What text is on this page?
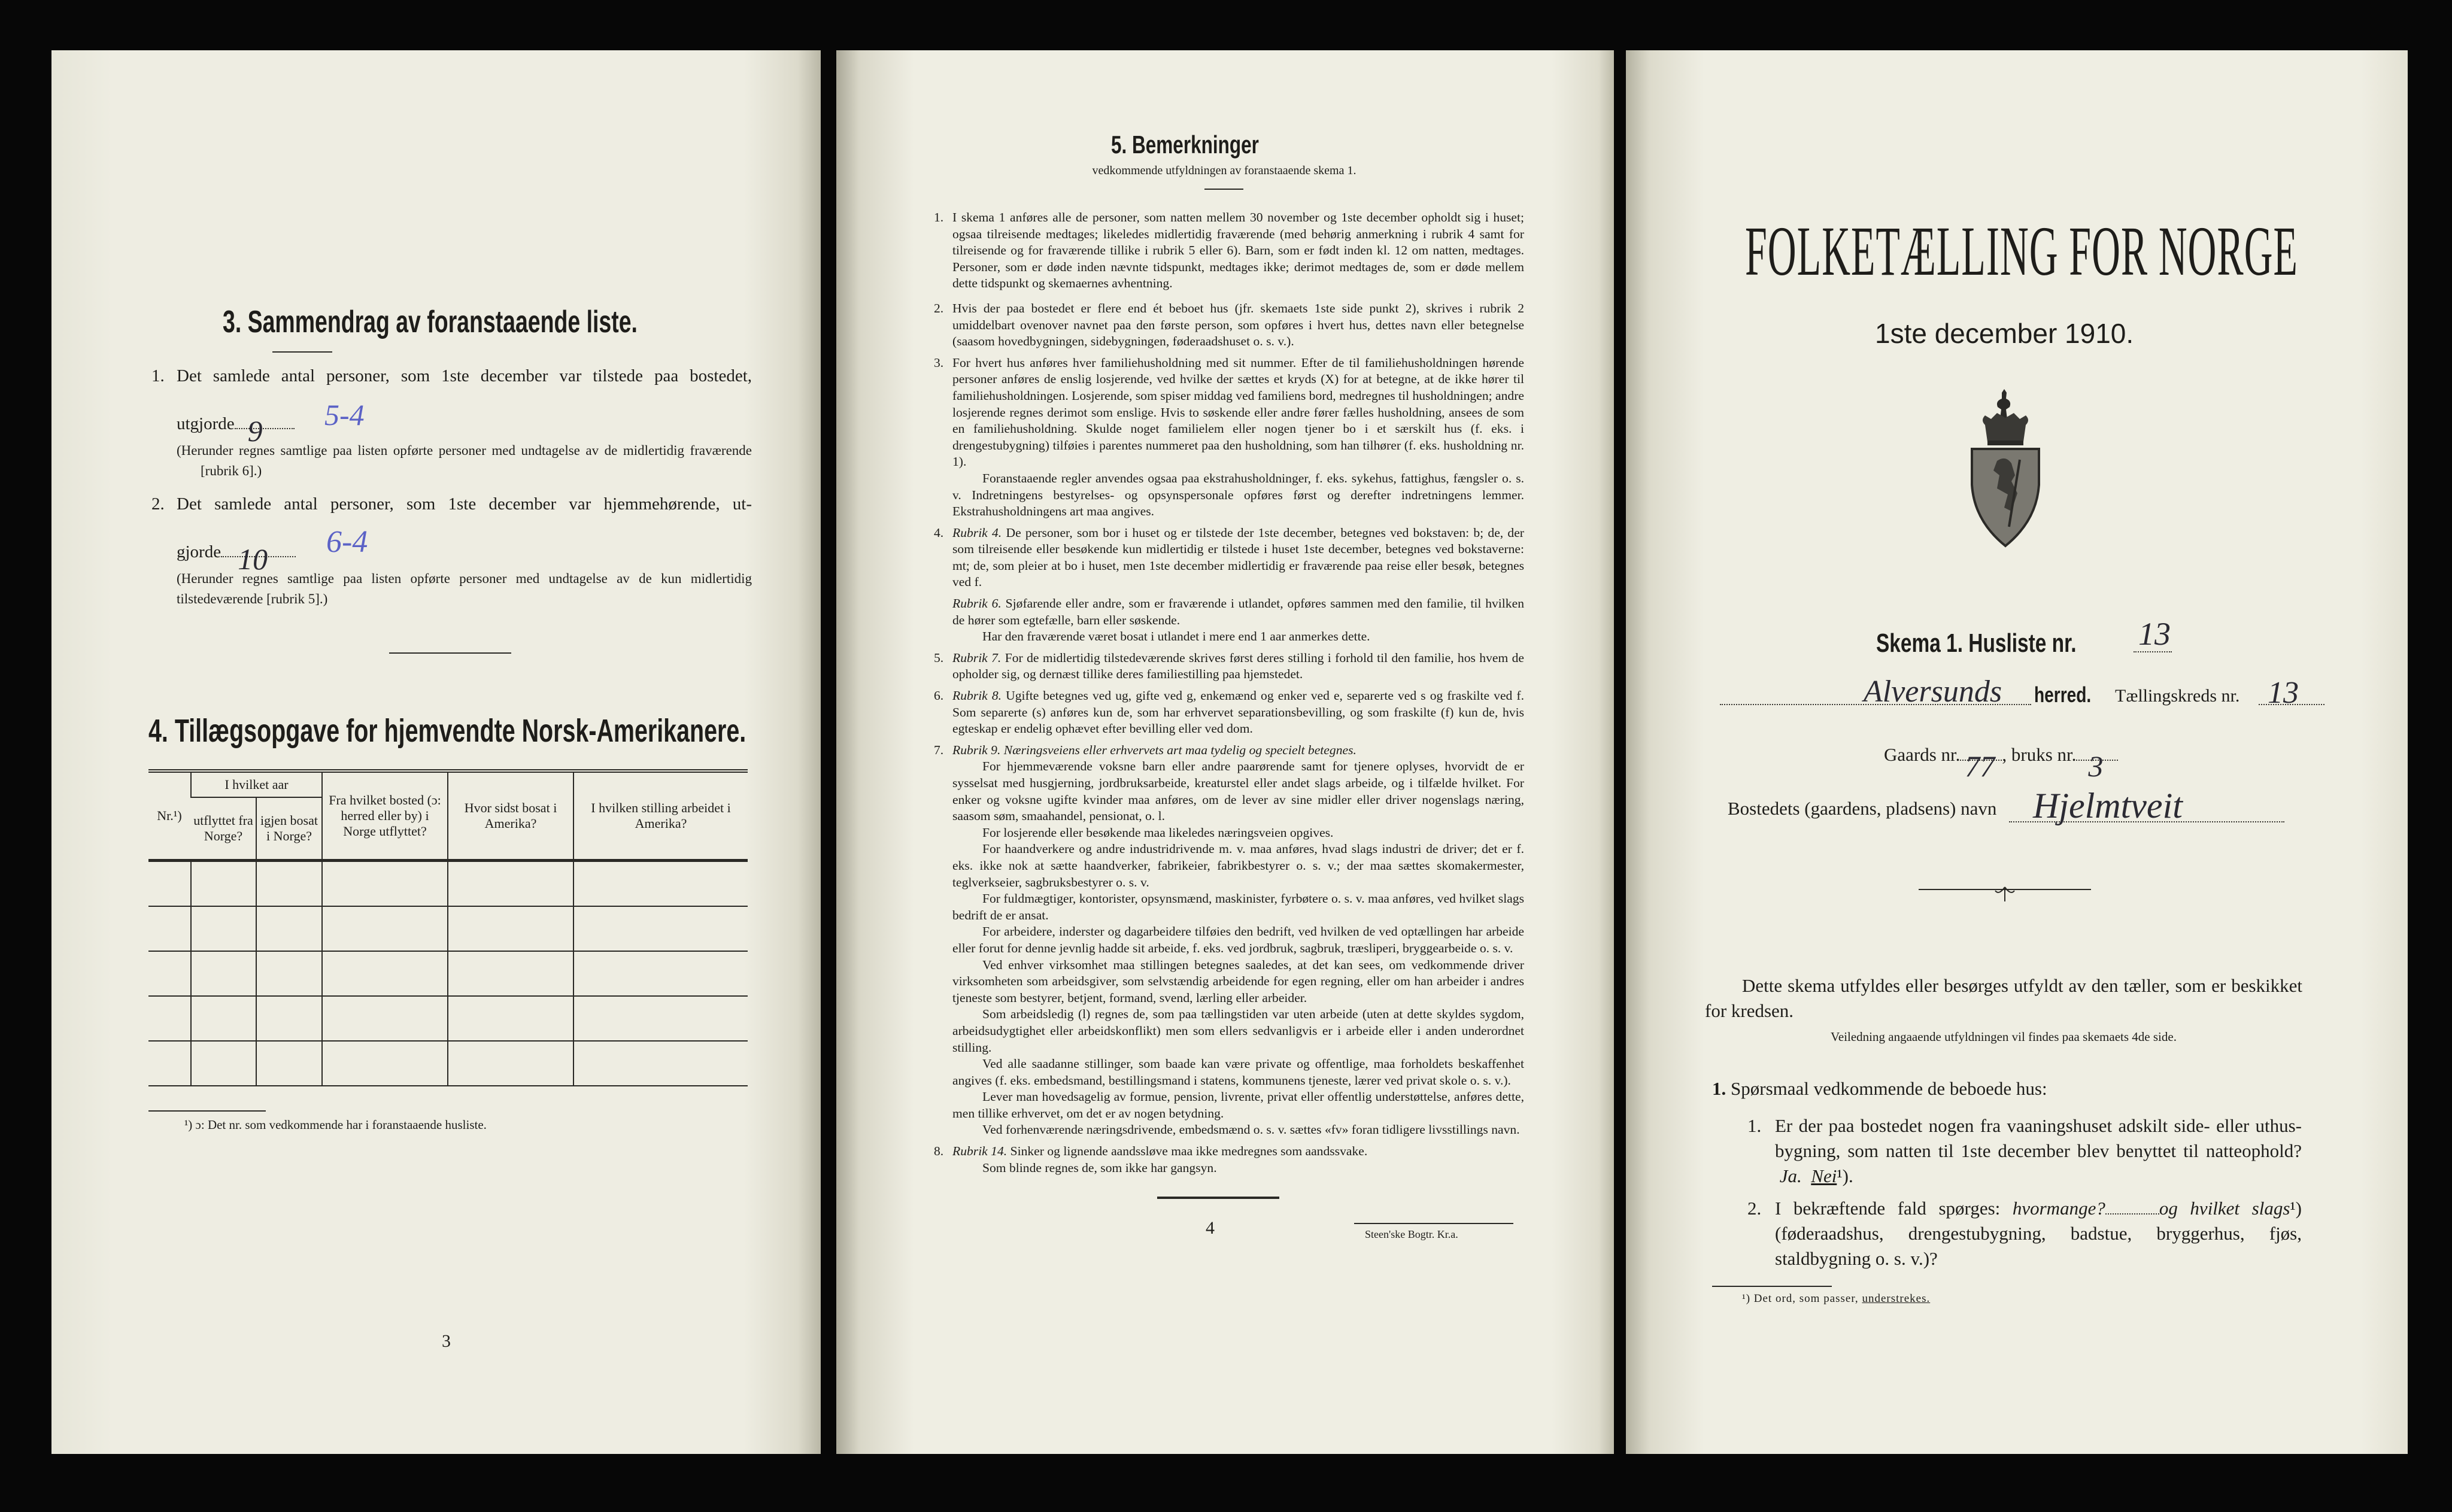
3. Sammendrag av foranstaaende liste.
1. Det samlede antal personer, som 1ste december var tilstede paa bostedet,
utgjorde 9 5-4
(Herunder regnes samtlige paa listen opførte personer med undtagelse av de midlertidig fraværende [rubrik 6].)
2. Det samlede antal personer, som 1ste december var hjemmehørende, ut-
gjorde 10 6-4
(Herunder regnes samtlige paa listen opførte personer med undtagelse av de kun midlertidig tilstedeværende [rubrik 5].)
4. Tillægsopgave for hjemvendte Norsk-Amerikanere.
Nr.¹)	I hvilket aar		Fra hvilket bosted (ɔ: herred eller by) i Norge utflyttet?	Hvor sidst bosat i Amerika?	I hvilken stilling arbeidet i Amerika?
	utflyttet fra Norge?	igjen bosat i Norge?			

¹) ɔ: Det nr. som vedkommende har i foranstaaende husliste.
3
5. Bemerkninger
vedkommende utfyldningen av foranstaaende skema 1.
1. I skema 1 anføres alle de personer, som natten mellem 30 november og 1ste december opholdt sig i huset; ogsaa tilreisende medtages; likeledes midlertidig fraværende (med behørig anmerkning i rubrik 4 samt for tilreisende og for fraværende tillike i rubrik 5 eller 6). Barn, som er født inden kl. 12 om natten, medtages. Personer, som er døde inden nævnte tidspunkt, medtages ikke; derimot medtages de, som er døde mellem dette tidspunkt og skemaernes avhentning.

2. Hvis der paa bostedet er flere end ét beboet hus (jfr. skemaets 1ste side punkt 2), skrives i rubrik 2 umiddelbart ovenover navnet paa den første person, som opføres i hvert hus, dettes navn eller betegnelse (saasom hovedbygningen, sidebygningen, føderaadshuset o. s. v.).

3. For hvert hus anføres hver familiehusholdning med sit nummer. Efter de til familiehusholdningen hørende personer anføres de enslig losjerende, ved hvilke der sættes et kryds (X) for at betegne, at de ikke hører til familiehusholdningen. Losjerende, som spiser middag ved familiens bord, medregnes til husholdningen; andre losjerende regnes derimot som enslige. Hvis to søskende eller andre fører fælles husholdning, ansees de som en familiehusholdning. Skulde noget familielem eller nogen tjener bo i et særskilt hus (f. eks. i drengestubygning) tilføies i parentes nummeret paa den husholdning, som han tilhører (f. eks. husholdning nr. 1).

Foranstaaende regler anvendes ogsaa paa ekstrahusholdninger, f. eks. sykehus, fattighus, fængsler o. s. v. Indretningens bestyrelses- og opsynspersonale opføres først og derefter indretningens lemmer. Ekstrahusholdningens art maa angives.

4. Rubrik 4. De personer, som bor i huset og er tilstede der 1ste december, betegnes ved bokstaven: b; de, der som tilreisende eller besøkende kun midlertidig er tilstede i huset 1ste december, betegnes ved bokstaverne: mt; de, som pleier at bo i huset, men 1ste december midlertidig er fraværende paa reise eller besøk, betegnes ved f.

Rubrik 6. Sjøfarende eller andre, som er fraværende i utlandet, opføres sammen med den familie, til hvilken de hører som egtefælle, barn eller søskende.

Har den fraværende været bosat i utlandet i mere end 1 aar anmerkes dette.

5. Rubrik 7. For de midlertidig tilstedeværende skrives først deres stilling i forhold til den familie, hos hvem de opholder sig, og dernæst tillike deres familiestilling paa hjemstedet.

6. Rubrik 8. Ugifte betegnes ved ug, gifte ved g, enkemænd og enker ved e, separerte ved s og fraskilte ved f. Som separerte (s) anføres kun de, som har erhvervet separationsbevilling, og som fraskilte (f) kun de, hvis egteskap er endelig ophævet efter bevilling eller ved dom.

7. Rubrik 9. Næringsveiens eller erhvervets art maa tydelig og specielt betegnes.

For hjemmeværende voksne barn eller andre paarørende samt for tjenere oplyses, hvorvidt de er sysselsat med husgjerning, jordbruksarbeide, kreaturstel eller andet slags arbeide, og i tilfælde hvilket. For enker og voksne ugifte kvinder maa anføres, om de lever av sine midler eller driver nogenslags næring, saasom søm, smaahandel, pensionat, o. l.

For losjerende eller besøkende maa likeledes næringsveien opgives.

For haandverkere og andre industridrivende m. v. maa anføres, hvad slags industri de driver; det er f. eks. ikke nok at sætte haandverker, fabrikeier, fabrikbestyrer o. s. v.; der maa sættes skomakermester, teglverkseier, sagbruksbestyrer o. s. v.

For fuldmægtiger, kontorister, opsynsmænd, maskinister, fyrbøtere o. s. v. maa anføres, ved hvilket slags bedrift de er ansat.

For arbeidere, inderster og dagarbeidere tilføies den bedrift, ved hvilken de ved optællingen har arbeide eller forut for denne jevnlig hadde sit arbeide, f. eks. ved jordbruk, sagbruk, træsliperi, bryggearbeide o. s. v.

Ved enhver virksomhet maa stillingen betegnes saaledes, at det kan sees, om vedkommende driver virksomheten som arbeidsgiver, som selvstændig arbeidende for egen regning, eller om han arbeider i andres tjeneste som bestyrer, betjent, formand, svend, lærling eller arbeider.

Som arbeidsledig (l) regnes de, som paa tællingstiden var uten arbeide (uten at dette skyldes sygdom, arbeidsudygtighet eller arbeidskonflikt) men som ellers sedvanligvis er i arbeide eller i anden underordnet stilling.

Ved alle saadanne stillinger, som baade kan være private og offentlige, maa forholdets beskaffenhet angives (f. eks. embedsmand, bestillingsmand i statens, kommunens tjeneste, lærer ved privat skole o. s. v.).

Lever man hovedsagelig av formue, pension, livrente, privat eller offentlig understøttelse, anføres dette, men tillike erhvervet, om det er av nogen betydning.

Ved forhenværende næringsdrivende, embedsmænd o. s. v. sættes «fv» foran tidligere livsstillings navn.

8. Rubrik 14. Sinker og lignende aandssløve maa ikke medregnes som aandssvake.

Som blinde regnes de, som ikke har gangsyn.

4	Steen'ske Bogtr. Kr.a.
FOLKETÆLLING FOR NORGE
1ste december 1910.
Skema 1. Husliste nr.	13
Alversunds herred.	Tællingskreds nr. 13
Gaards nr. 77 , bruks nr. 3
Bostedets (gaardens, pladsens) navn Hjelmtveit
Dette skema utfyldes eller besørges utfyldt av den tæller, som er beskikket for kredsen.
Veiledning angaaende utfyldningen vil findes paa skemaets 4de side.
1. Spørsmaal vedkommende de beboede hus:
1. Er der paa bostedet nogen fra vaaningshuset adskilt side- eller uthus-bygning, som natten til 1ste december blev benyttet til natteophold?  Ja. Nei¹).
2. I bekræftende fald spørges: hvormange?	og hvilket slags¹) (føderaadshus, drengestubygning, badstue, bryggerhus, fjøs, staldbygning o. s. v.)?
¹) Det ord, som passer, understrekes.
